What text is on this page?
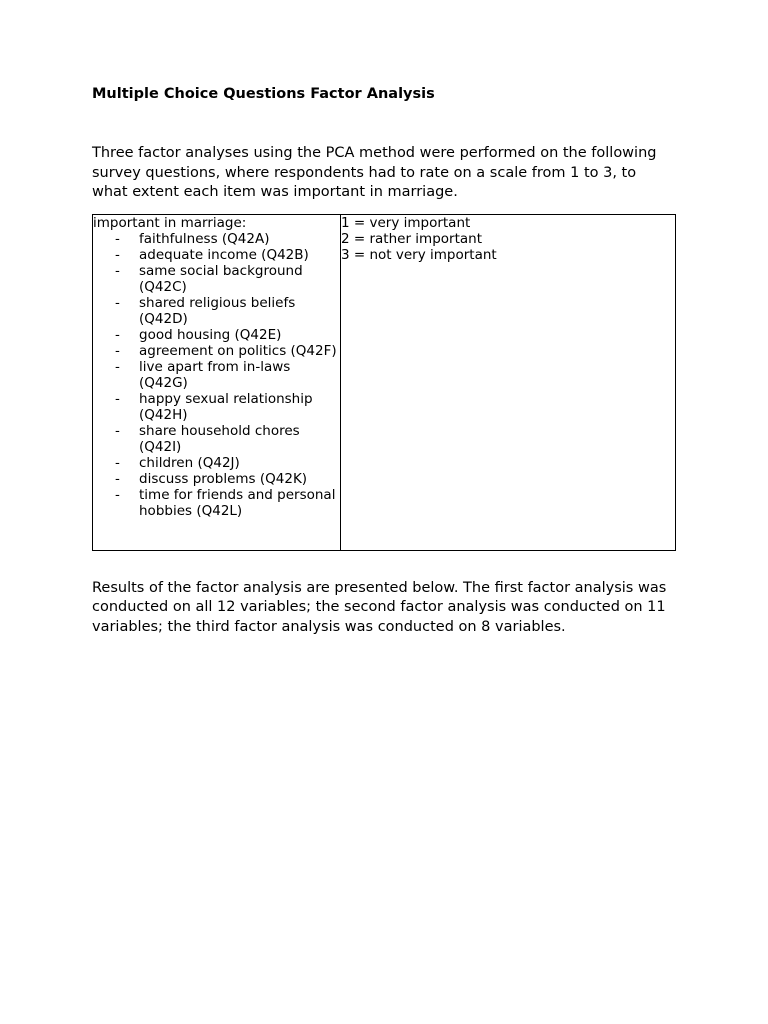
Multiple Choice Questions Factor Analysis

Three factor analyses using the PCA method were performed on the following survey questions, where respondents had to rate on a scale from 1 to 3, to what extent each item was important in marriage.

important in marriage:
- faithfulness (Q42A)
- adequate income (Q42B)
- same social background (Q42C)
- shared religious beliefs (Q42D)
- good housing (Q42E)
- agreement on politics (Q42F)
- live apart from in-laws (Q42G)
- happy sexual relationship (Q42H)
- share household chores (Q42I)
- children (Q42J)
- discuss problems (Q42K)
- time for friends and personal hobbies (Q42L)

1 = very important
2 = rather important
3 = not very important

Results of the factor analysis are presented below. The first factor analysis was conducted on all 12 variables; the second factor analysis was conducted on 11 variables; the third factor analysis was conducted on 8 variables.
